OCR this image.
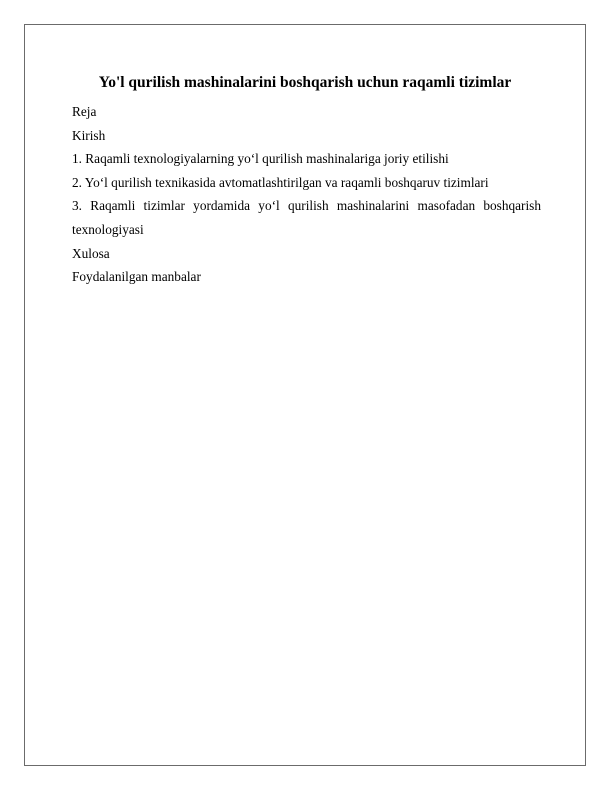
Yo'l qurilish mashinalarini boshqarish uchun raqamli tizimlar
Reja
Kirish
1. Raqamli texnologiyalarning yo‘l qurilish mashinalariga joriy etilishi
2. Yo‘l qurilish texnikasida avtomatlashtirilgan va raqamli boshqaruv tizimlari
3. Raqamli tizimlar yordamida yo‘l qurilish mashinalarini masofadan boshqarish
texnologiyasi
Xulosa
Foydalanilgan manbalar
